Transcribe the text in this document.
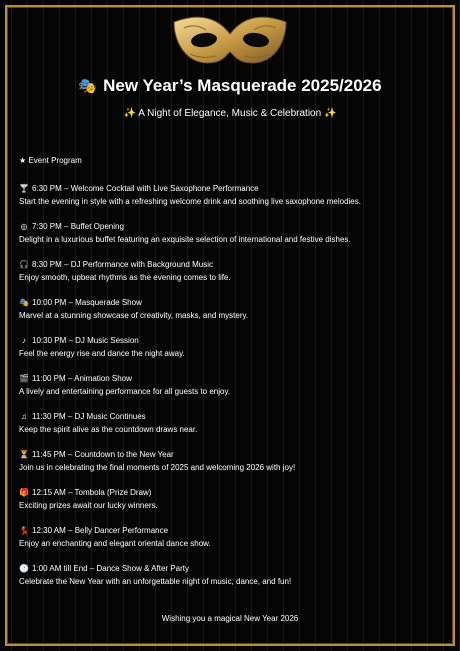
🎭 New Year’s Masquerade 2025/2026
✨ A Night of Elegance, Music & Celebration ✨
★ Event Program
🍸 6:30 PM – Welcome Cocktail with Live Saxophone Performance
Start the evening in style with a refreshing welcome drink and soothing live saxophone melodies.
◎ 7:30 PM – Buffet Opening
Delight in a luxurious buffet featuring an exquisite selection of international and festive dishes.
🎧 8:30 PM – DJ Performance with Background Music
Enjoy smooth, upbeat rhythms as the evening comes to life.
🎭 10:00 PM – Masquerade Show
Marvel at a stunning showcase of creativity, masks, and mystery.
♪ 10:30 PM – DJ Music Session
Feel the energy rise and dance the night away.
🎬 11:00 PM – Animation Show
A lively and entertaining performance for all guests to enjoy.
♫ 11:30 PM – DJ Music Continues
Keep the spirit alive as the countdown draws near.
⏳ 11:45 PM – Countdown to the New Year
Join us in celebrating the final moments of 2025 and welcoming 2026 with joy!
🎁 12:15 AM – Tombola (Prize Draw)
Exciting prizes await our lucky winners.
💃 12:30 AM – Belly Dancer Performance
Enjoy an enchanting and elegant oriental dance show.
🕐 1:00 AM till End – Dance Show & After Party
Celebrate the New Year with an unforgettable night of music, dance, and fun!
Wishing you a magical New Year 2026
